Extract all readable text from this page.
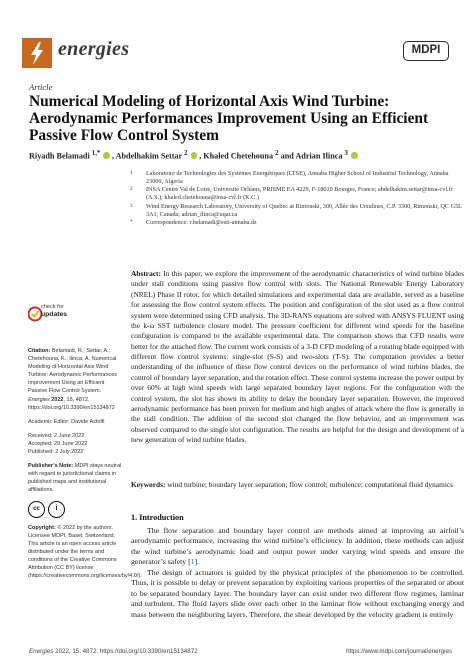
energies	MDPI
Article
Numerical Modeling of Horizontal Axis Wind Turbine: Aerodynamic Performances Improvement Using an Efficient Passive Flow Control System
Riyadh Belamadi $^{1,*}$ , Abdelhakim Settar $^2$ , Khaled Chetehouna $^2$ and Adrian Ilinca $^3$
1 Laboratoire de Technologies des Systèmes Energétiques (LTSE), Annaba Higher School of Industrial Technology, Annaba 23000, Algeria
2 INSA Centre Val de Loire, Université Orléans, PRISME EA 4229, F-18020 Bourges, France; abdelhakim.settar@insa-cvl.fr (A.S.); khaled.chetehouna@insa-cvl.fr (K.C.)
3 Wind Energy Research Laboratory, University of Quebec at Rimouski, 300, Allée des Ursulines, C.P. 3300, Rimouski, QC G5L 3A1, Canada; adrian_ilinca@uqar.ca
* Correspondence: r.belamadi@esti-annaba.dz
check for
updates
Citation: Belamadi, R.; Settar, A.; Chetehouna, K.; Ilinca, A. Numerical Modeling of Horizontal Axis Wind Turbine: Aerodynamic Performances Improvement Using an Efficient Passive Flow Control System. Energies 2022, 15, 4872. https://doi.org/10.3390/en15134872
Academic Editor: Davide Astolfi
Received: 2 June 2022
Accepted: 29 June 2022
Published: 2 July 2022
Publisher’s Note: MDPI stays neutral with regard to jurisdictional claims in published maps and institutional affiliations.
cc	i
Copyright: © 2022 by the authors. Licensee MDPI, Basel, Switzerland. This article is an open access article distributed under the terms and conditions of the Creative Commons Attribution (CC BY) license (https://creativecommons.org/licenses/by/4.0/).
Abstract: In this paper, we explore the improvement of the aerodynamic characteristics of wind turbine blades under stall conditions using passive flow control with slots. The National Renewable Energy Laboratory (NREL) Phase II rotor, for which detailed simulations and experimental data are available, served as a baseline for assessing the flow control system effects. The position and configuration of the slot used as a flow control system were determined using CFD analysis. The 3D-RANS equations are solved with ANSYS FLUENT using the k-ω SST turbulence closure model. The pressure coefficient for different wind speeds for the baseline configuration is compared to the available experimental data. The comparison shows that CFD results were better for the attached flow. The current work consists of a 3-D CFD modeling of a rotating blade equipped with different flow control systems: single-slot (S-S) and two-slots (T-S). The computation provides a better understanding of the influence of these flow control devices on the performance of wind turbine blades, the control of boundary layer separation, and the rotation effect. These control systems increase the power output by over 60% at high wind speeds with large separated boundary layer regions. For the configuration with the control system, the slot has shown its ability to delay the boundary layer separation. However, the improved aerodynamic performance has been proven for medium and high angles of attack where the flow is generally in the stall condition. The addition of the second slot changed the flow behavior, and an improvement was observed compared to the single slot configuration. The results are helpful for the design and development of a new generation of wind turbine blades.
Keywords: wind turbine; boundary layer separation; flow control; turbulence; computational fluid dynamics
1. Introduction
The flow separation and boundary layer control are methods aimed at improving an airfoil’s aerodynamic performance, increasing the wind turbine’s efficiency. In addition, these methods can adjust the wind turbine’s aerodynamic load and output power under varying wind speeds and ensure the generator’s safety [1].
The design of actuators is guided by the physical principles of the phenomenon to be controlled. Thus, it is possible to delay or prevent separation by exploiting various properties of the separated or about to be separated boundary layer. The boundary layer can exist under two different flow regimes, laminar and turbulent. The fluid layers slide over each other in the laminar flow without exchanging energy and mass between the neighboring layers. Therefore, the shear developed by the velocity gradient is entirely
Energies 2022, 15, 4872. https://doi.org/10.3390/en15134872	https://www.mdpi.com/journal/energies
